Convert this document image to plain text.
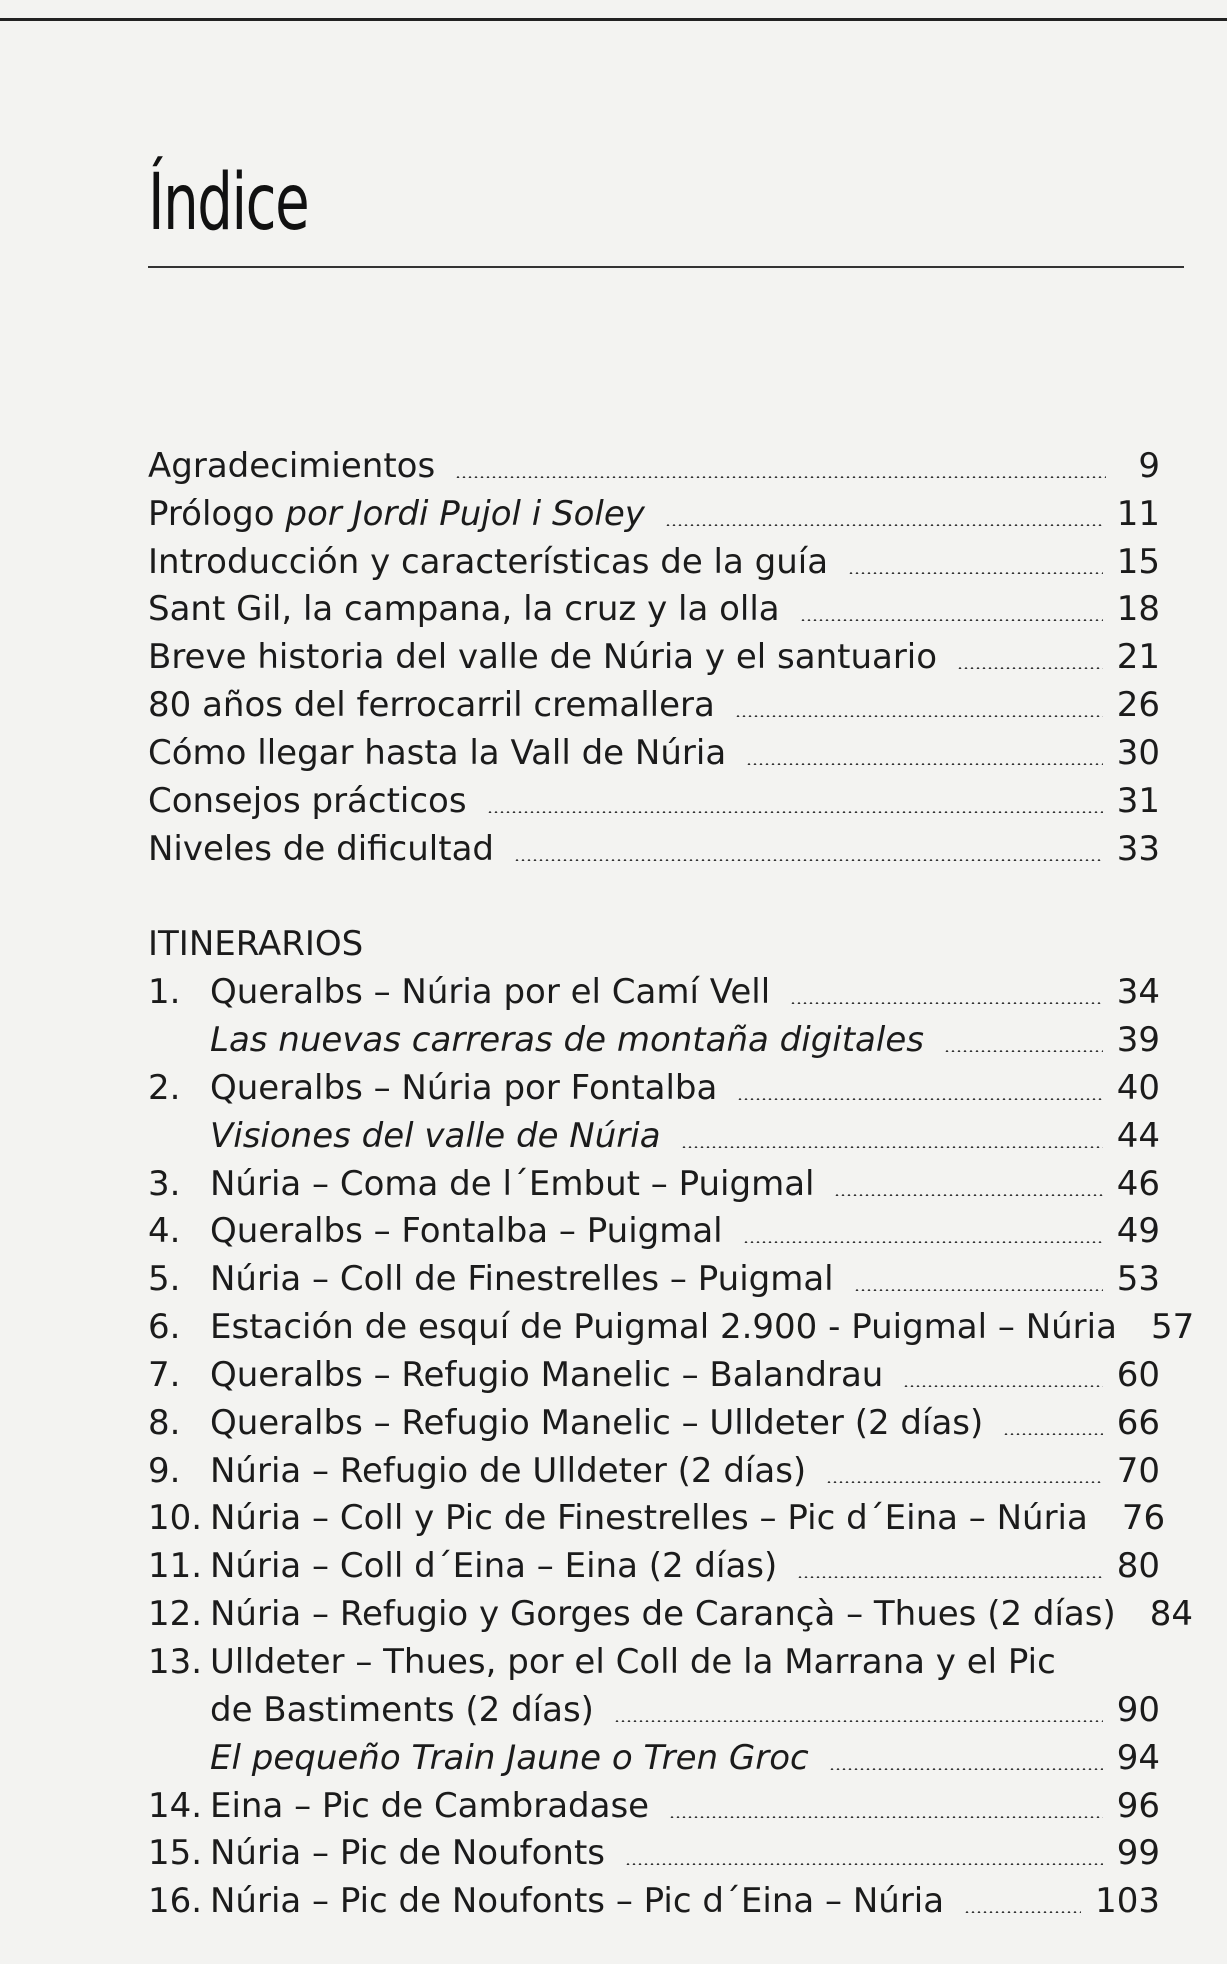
Índice
Agradecimientos	9
Prólogo por Jordi Pujol i Soley	11
Introducción y características de la guía	15
Sant Gil, la campana, la cruz y la olla	18
Breve historia del valle de Núria y el santuario	21
80 años del ferrocarril cremallera	26
Cómo llegar hasta la Vall de Núria	30
Consejos prácticos	31
Niveles de dificultad	33
ITINERARIOS
1. Queralbs – Núria por el Camí Vell	34
Las nuevas carreras de montaña digitales	39
2. Queralbs – Núria por Fontalba	40
Visiones del valle de Núria	44
3. Núria – Coma de l´Embut – Puigmal	46
4. Queralbs – Fontalba – Puigmal	49
5. Núria – Coll de Finestrelles – Puigmal	53
6. Estación de esquí de Puigmal 2.900 - Puigmal – Núria 57
7. Queralbs – Refugio Manelic – Balandrau	60
8. Queralbs – Refugio Manelic – Ulldeter (2 días)	66
9. Núria – Refugio de Ulldeter (2 días)	70
10. Núria – Coll y Pic de Finestrelles – Pic d´Eina – Núria 76
11. Núria – Coll d´Eina – Eina (2 días)	80
12. Núria – Refugio y Gorges de Carançà – Thues (2 días) 84
13. Ulldeter – Thues, por el Coll de la Marrana y el Pic
de Bastiments (2 días)	90
El pequeño Train Jaune o Tren Groc	94
14. Eina – Pic de Cambradase	96
15. Núria – Pic de Noufonts	99
16. Núria – Pic de Noufonts – Pic d´Eina – Núria	103
